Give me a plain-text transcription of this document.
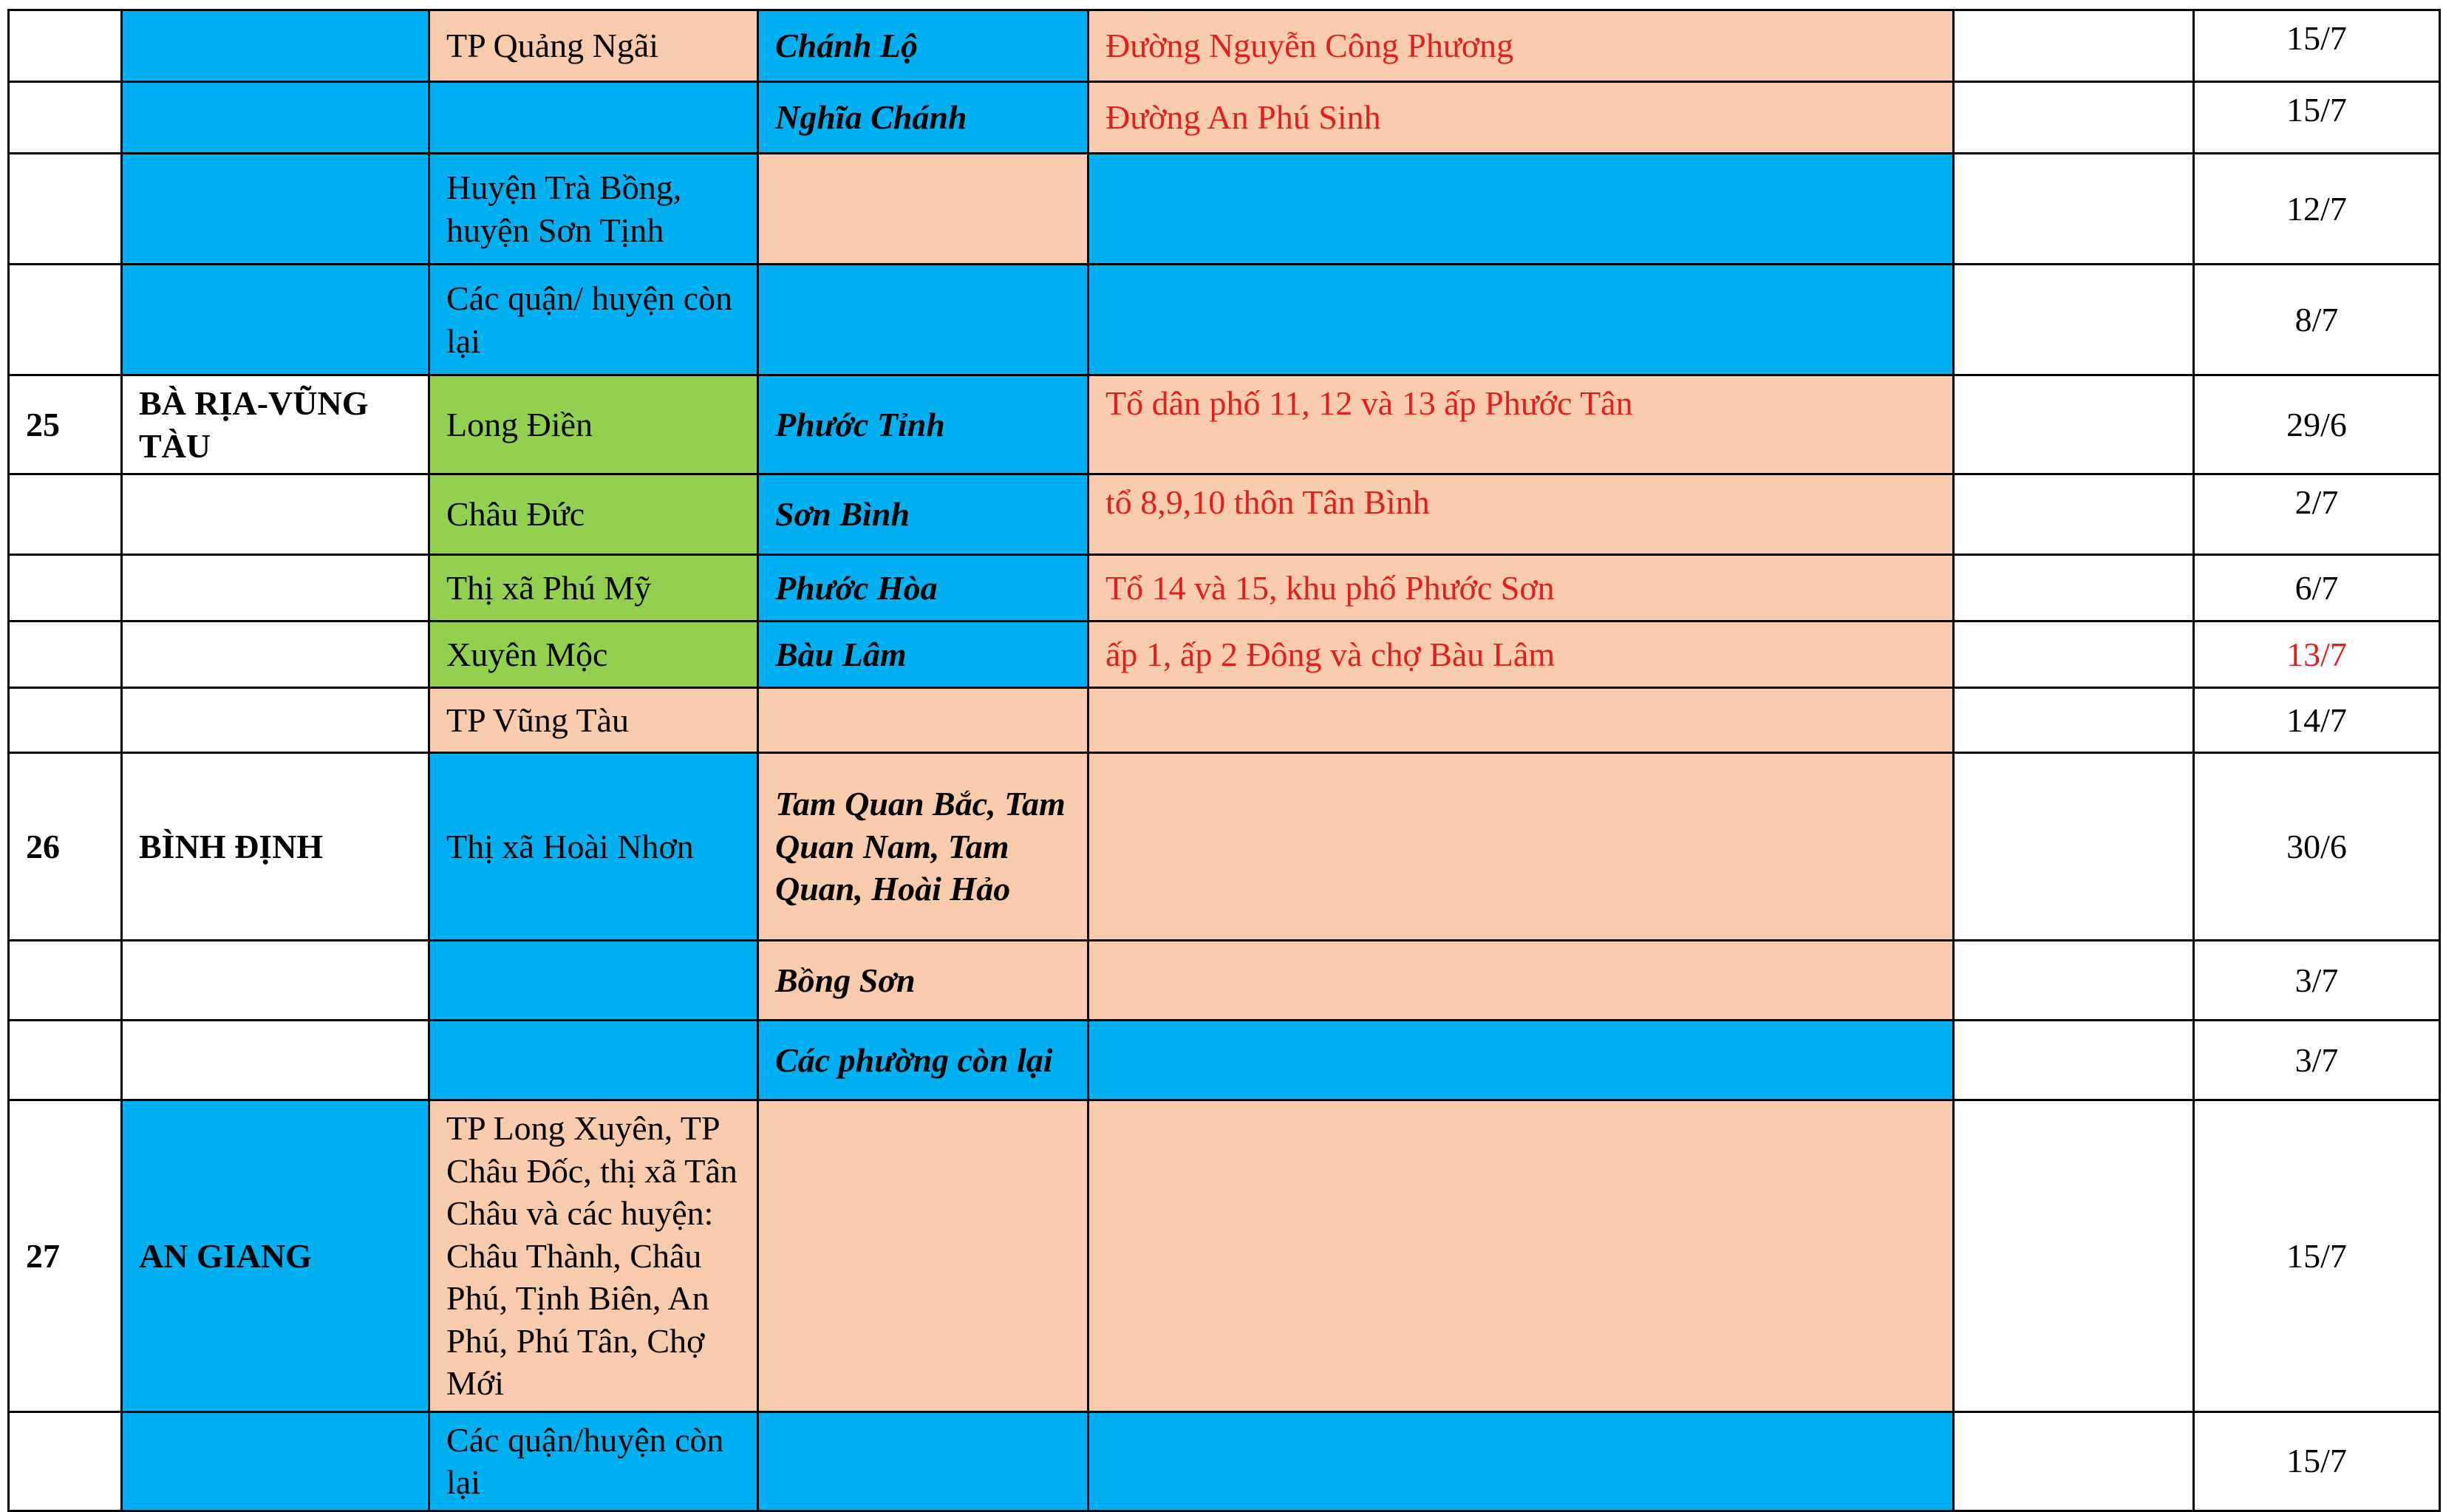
		TP Quảng Ngãi	Chánh Lộ	Đường Nguyễn Công Phương		15/7
			Nghĩa Chánh	Đường An Phú Sinh		15/7
		Huyện Trà Bồng, huyện Sơn Tịnh				12/7
		Các quận/ huyện còn lại				8/7
25	BÀ RỊA-VŨNG TÀU	Long Điền	Phước Tỉnh	Tổ dân phố 11, 12 và 13 ấp Phước Tân		29/6
		Châu Đức	Sơn Bình	tổ 8,9,10 thôn Tân Bình		2/7
		Thị xã Phú Mỹ	Phước Hòa	Tổ 14 và 15, khu phố Phước Sơn		6/7
		Xuyên Mộc	Bàu Lâm	ấp 1, ấp 2 Đông và chợ Bàu Lâm		13/7
		TP Vũng Tàu				14/7
26	BÌNH ĐỊNH	Thị xã Hoài Nhơn	Tam Quan Bắc, Tam Quan Nam, Tam Quan, Hoài Hảo			30/6
			Bồng Sơn			3/7
			Các phường còn lại			3/7
27	AN GIANG	TP Long Xuyên, TP Châu Đốc, thị xã Tân Châu và các huyện: Châu Thành, Châu Phú, Tịnh Biên, An Phú, Phú Tân, Chợ Mới				15/7
		Các quận/huyện còn lại				15/7
